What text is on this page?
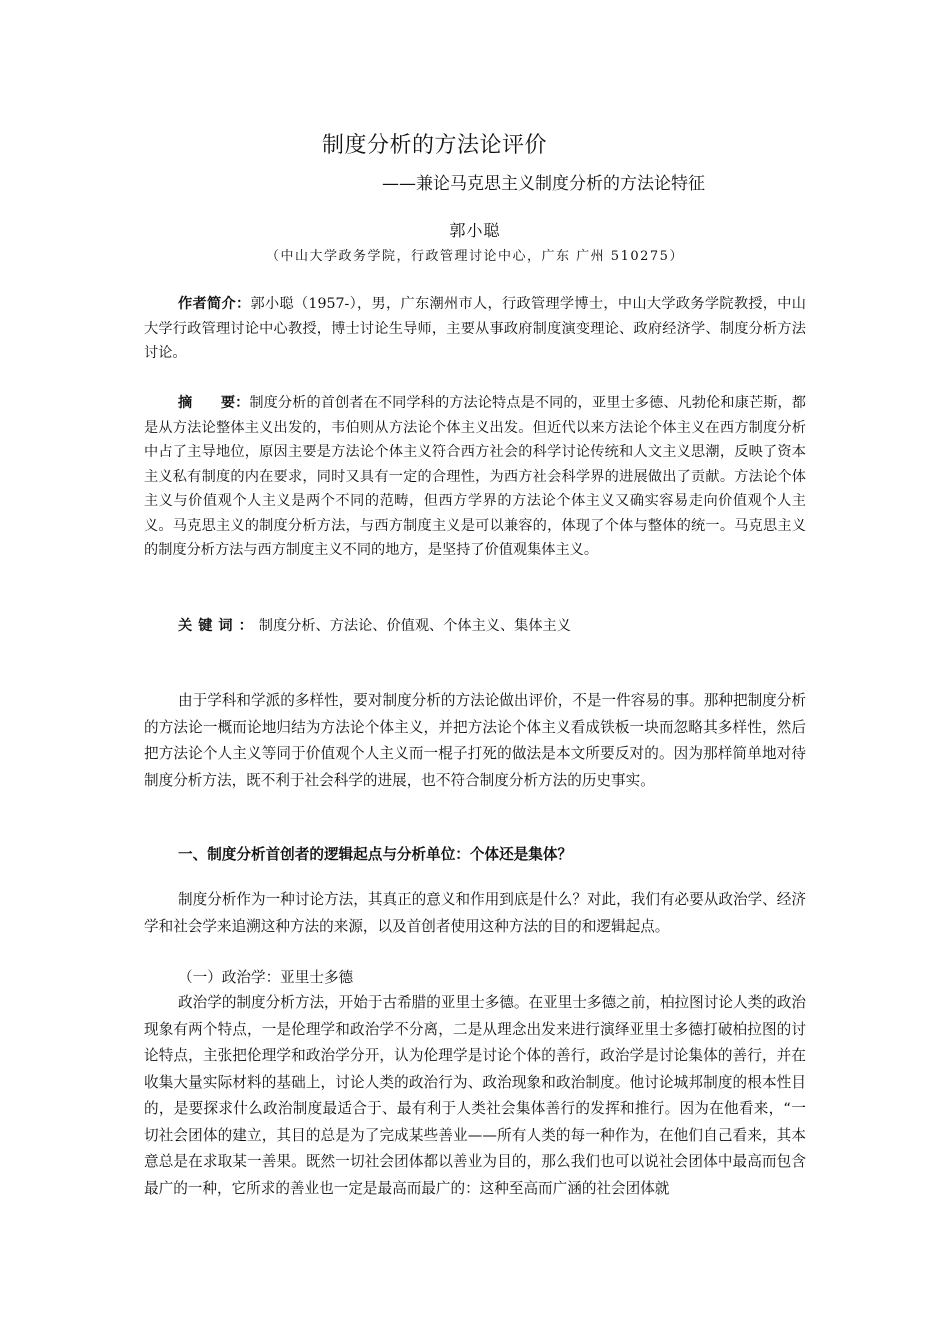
制度分析的方法论评价
——兼论马克思主义制度分析的方法论特征
郭小聪
（中山大学政务学院，行政管理讨论中心，广东 广州 510275）
作者简介：郭小聪（1957-），男，广东潮州市人，行政管理学博士，中山大学政务学院教授，中山大学行政管理讨论中心教授，博士讨论生导师，主要从事政府制度演变理论、政府经济学、制度分析方法讨论。
摘　　要：制度分析的首创者在不同学科的方法论特点是不同的，亚里士多德、凡勃伦和康芒斯，都是从方法论整体主义出发的，韦伯则从方法论个体主义出发。但近代以来方法论个体主义在西方制度分析中占了主导地位，原因主要是方法论个体主义符合西方社会的科学讨论传统和人文主义思潮，反映了资本主义私有制度的内在要求，同时又具有一定的合理性，为西方社会科学界的进展做出了贡献。方法论个体主义与价值观个人主义是两个不同的范畴，但西方学界的方法论个体主义又确实容易走向价值观个人主义。马克思主义的制度分析方法，与西方制度主义是可以兼容的，体现了个体与整体的统一。马克思主义的制度分析方法与西方制度主义不同的地方，是坚持了价值观集体主义。
关键词：制度分析、方法论、价值观、个体主义、集体主义

由于学科和学派的多样性，要对制度分析的方法论做出评价，不是一件容易的事。那种把制度分析的方法论一概而论地归结为方法论个体主义，并把方法论个体主义看成铁板一块而忽略其多样性，然后把方法论个人主义等同于价值观个人主义而一棍子打死的做法是本文所要反对的。因为那样简单地对待制度分析方法，既不利于社会科学的进展，也不符合制度分析方法的历史事实。

一、制度分析首创者的逻辑起点与分析单位：个体还是集体？

制度分析作为一种讨论方法，其真正的意义和作用到底是什么？对此，我们有必要从政治学、经济学和社会学来追溯这种方法的来源，以及首创者使用这种方法的目的和逻辑起点。

（一）政治学：亚里士多德

政治学的制度分析方法，开始于古希腊的亚里士多德。在亚里士多德之前，柏拉图讨论人类的政治现象有两个特点，一是伦理学和政治学不分离，二是从理念出发来进行演绎亚里士多德打破柏拉图的讨论特点，主张把伦理学和政治学分开，认为伦理学是讨论个体的善行，政治学是讨论集体的善行，并在收集大量实际材料的基础上，讨论人类的政治行为、政治现象和政治制度。他讨论城邦制度的根本性目的，是要探求什么政治制度最适合于、最有利于人类社会集体善行的发挥和推行。因为在他看来，“一切社会团体的建立，其目的总是为了完成某些善业——所有人类的每一种作为，在他们自己看来，其本意总是在求取某一善果。既然一切社会团体都以善业为目的，那么我们也可以说社会团体中最高而包含最广的一种，它所求的善业也一定是最高而最广的：这种至高而广涵的社会团体就
